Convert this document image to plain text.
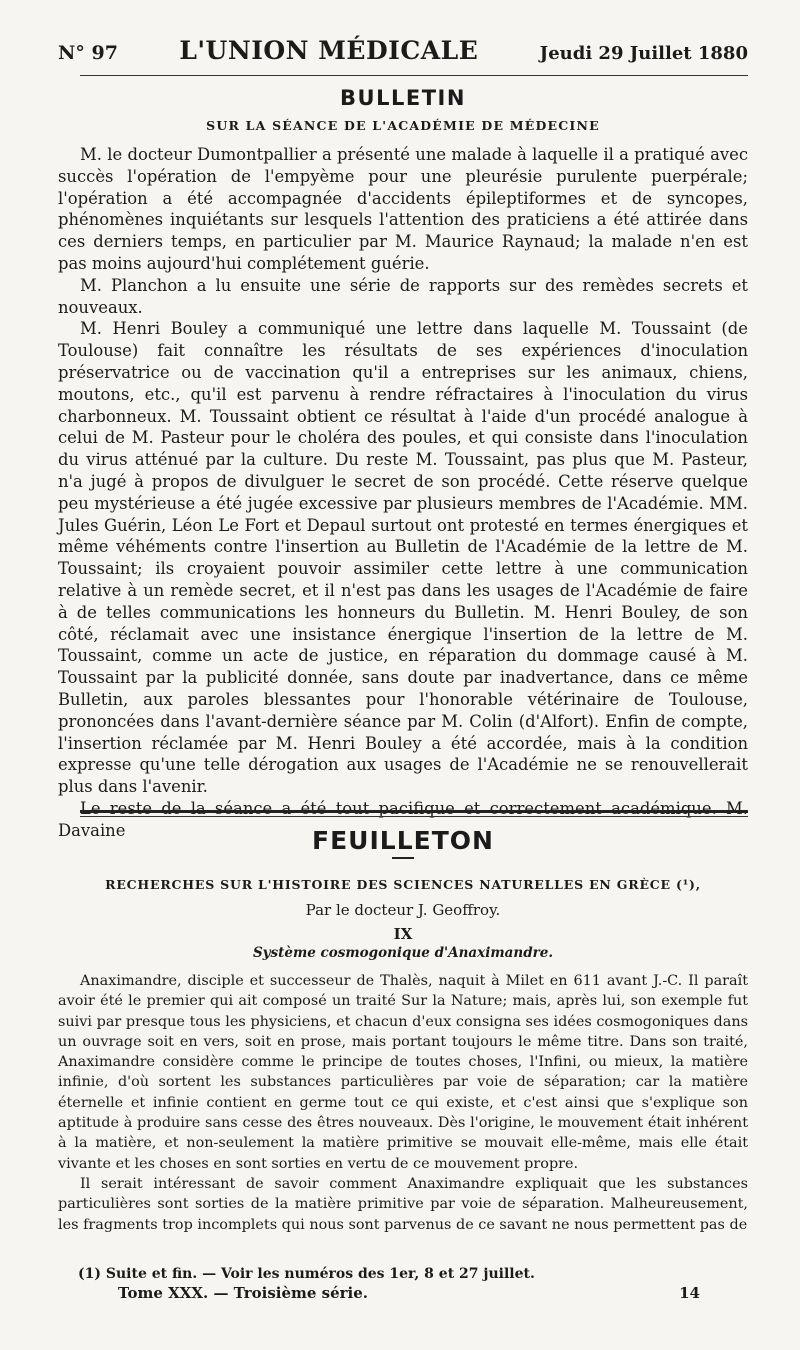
N° 97 L'UNION MÉDICALE	Jeudi 29 Juillet 1880
BULLETIN
SUR LA SÉANCE DE L'ACADÉMIE DE MÉDECINE

M. le docteur Dumontpallier a présenté une malade à laquelle il a pratiqué avec succès l'opération de l'empyème pour une pleurésie purulente puerpérale; l'opération a été accompagnée d'accidents épileptiformes et de syncopes, phénomènes inquiétants sur lesquels l'attention des praticiens a été attirée dans ces derniers temps, en particulier par M. Maurice Raynaud; la malade n'en est pas moins aujourd'hui complétement guérie.

M. Planchon a lu ensuite une série de rapports sur des remèdes secrets et nouveaux.

M. Henri Bouley a communiqué une lettre dans laquelle M. Toussaint (de Toulouse) fait connaître les résultats de ses expériences d'inoculation préservatrice ou de vaccination qu'il a entreprises sur les animaux, chiens, moutons, etc., qu'il est parvenu à rendre réfractaires à l'inoculation du virus charbonneux. M. Toussaint obtient ce résultat à l'aide d'un procédé analogue à celui de M. Pasteur pour le choléra des poules, et qui consiste dans l'inoculation du virus atténué par la culture. Du reste M. Toussaint, pas plus que M. Pasteur, n'a jugé à propos de divulguer le secret de son procédé. Cette réserve quelque peu mystérieuse a été jugée excessive par plusieurs membres de l'Académie. MM. Jules Guérin, Léon Le Fort et Depaul surtout ont protesté en termes énergiques et même véhéments contre l'insertion au Bulletin de l'Académie de la lettre de M. Toussaint; ils croyaient pouvoir assimiler cette lettre à une communication relative à un remède secret, et il n'est pas dans les usages de l'Académie de faire à de telles communications les honneurs du Bulletin. M. Henri Bouley, de son côté, réclamait avec une insistance énergique l'insertion de la lettre de M. Toussaint, comme un acte de justice, en réparation du dommage causé à M. Toussaint par la publicité donnée, sans doute par inadvertance, dans ce même Bulletin, aux paroles blessantes pour l'honorable vétérinaire de Toulouse, prononcées dans l'avant-dernière séance par M. Colin (d'Alfort). Enfin de compte, l'insertion réclamée par M. Henri Bouley a été accordée, mais à la condition expresse qu'une telle dérogation aux usages de l'Académie ne se renouvellerait plus dans l'avenir.

Le reste de la séance a été tout pacifique et correctement académique. M. Davaine	FEUILLETON
RECHERCHES SUR L'HISTOIRE DES SCIENCES NATURELLES EN GRÈCE (¹),
Par le docteur J. Geoffroy.
IX
Système cosmogonique d'Anaximandre.

Anaximandre, disciple et successeur de Thalès, naquit à Milet en 611 avant J.-C. Il paraît avoir été le premier qui ait composé un traité Sur la Nature; mais, après lui, son exemple fut suivi par presque tous les physiciens, et chacun d'eux consigna ses idées cosmogoniques dans un ouvrage soit en vers, soit en prose, mais portant toujours le même titre. Dans son traité, Anaximandre considère comme le principe de toutes choses, l'Infini, ou mieux, la matière infinie, d'où sortent les substances particulières par voie de séparation; car la matière éternelle et infinie contient en germe tout ce qui existe, et c'est ainsi que s'explique son aptitude à produire sans cesse des êtres nouveaux. Dès l'origine, le mouvement était inhérent à la matière, et non-seulement la matière primitive se mouvait elle-même, mais elle était vivante et les choses en sont sorties en vertu de ce mouvement propre.

Il serait intéressant de savoir comment Anaximandre expliquait que les substances particulières sont sorties de la matière primitive par voie de séparation. Malheureusement, les fragments trop incomplets qui nous sont parvenus de ce savant ne nous permettent pas de

(1) Suite et fin. — Voir les numéros des 1er, 8 et 27 juillet.
Tome XXX. — Troisième série.	14
